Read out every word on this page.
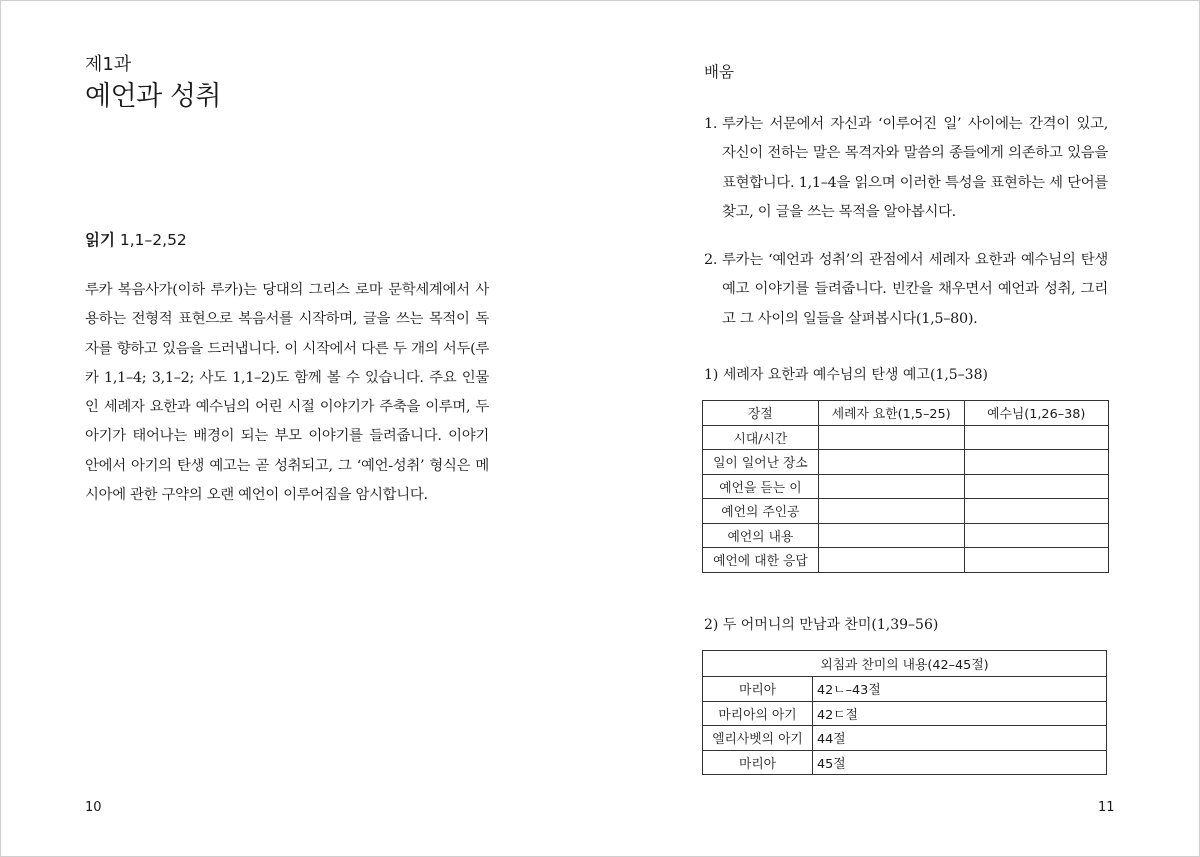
제1과
예언과 성취
읽기 1,1–2,52

루카 복음사가(이하 루카)는 당대의 그리스 로마 문학세계에서 사용하는 전형적 표현으로 복음서를 시작하며, 글을 쓰는 목적이 독자를 향하고 있음을 드러냅니다. 이 시작에서 다른 두 개의 서두(루카 1,1–4; 3,1–2; 사도 1,1–2)도 함께 볼 수 있습니다. 주요 인물인 세례자 요한과 예수님의 어린 시절 이야기가 주축을 이루며, 두 아기가 태어나는 배경이 되는 부모 이야기를 들려줍니다. 이야기 안에서 아기의 탄생 예고는 곧 성취되고, 그 ‘예언-성취’ 형식은 메시아에 관한 구약의 오랜 예언이 이루어짐을 암시합니다.

10
배움

1. 루카는 서문에서 자신과 ‘이루어진 일’ 사이에는 간격이 있고, 자신이 전하는 말은 목격자와 말씀의 종들에게 의존하고 있음을 표현합니다. 1,1–4을 읽으며 이러한 특성을 표현하는 세 단어를 찾고, 이 글을 쓰는 목적을 알아봅시다.

2. 루카는 ‘예언과 성취’의 관점에서 세례자 요한과 예수님의 탄생 예고 이야기를 들려줍니다. 빈칸을 채우면서 예언과 성취, 그리고 그 사이의 일들을 살펴봅시다(1,5–80).

1) 세례자 요한과 예수님의 탄생 예고(1,5–38)
장절	세례자 요한(1,5–25)	예수님(1,26–38)
시대/시간		
일이 일어난 장소		
예언을 듣는 이		
예언의 주인공		
예언의 내용		
예언에 대한 응답		
2) 두 어머니의 만남과 찬미(1,39–56)
외침과 찬미의 내용(42–45절)	
마리아	42ㄴ–43절
마리아의 아기	42ㄷ절
엘리사벳의 아기	44절
마리아	45절
11
